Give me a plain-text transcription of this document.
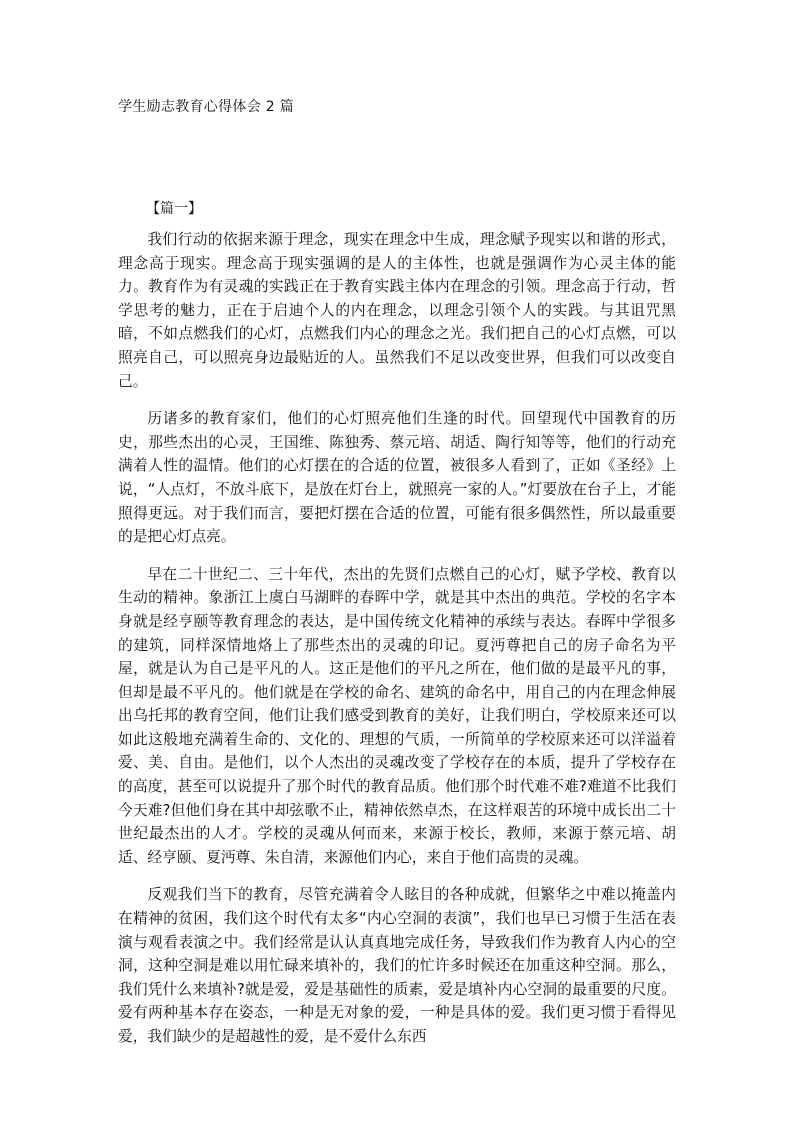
学生励志教育心得体会 2 篇
【篇一】

我们行动的依据来源于理念，现实在理念中生成，理念赋予现实以和谐的形式，理念高于现实。理念高于现实强调的是人的主体性，也就是强调作为心灵主体的能力。教育作为有灵魂的实践正在于教育实践主体内在理念的引领。理念高于行动，哲学思考的魅力，正在于启迪个人的内在理念，以理念引领个人的实践。与其诅咒黑暗，不如点燃我们的心灯，点燃我们内心的理念之光。我们把自己的心灯点燃，可以照亮自己，可以照亮身边最贴近的人。虽然我们不足以改变世界，但我们可以改变自己。

历诸多的教育家们，他们的心灯照亮他们生逢的时代。回望现代中国教育的历史，那些杰出的心灵，王国维、陈独秀、蔡元培、胡适、陶行知等等，他们的行动充满着人性的温情。他们的心灯摆在的合适的位置，被很多人看到了，正如《圣经》上说，“人点灯，不放斗底下，是放在灯台上，就照亮一家的人。”灯要放在台子上，才能照得更远。对于我们而言，要把灯摆在合适的位置，可能有很多偶然性，所以最重要的是把心灯点亮。

早在二十世纪二、三十年代，杰出的先贤们点燃自己的心灯，赋予学校、教育以生动的精神。象浙江上虞白马湖畔的春晖中学，就是其中杰出的典范。学校的名字本身就是经亨颐等教育理念的表达，是中国传统文化精神的承续与表达。春晖中学很多的建筑，同样深情地烙上了那些杰出的灵魂的印记。夏沔尊把自己的房子命名为平屋，就是认为自己是平凡的人。这正是他们的平凡之所在，他们做的是最平凡的事，但却是最不平凡的。他们就是在学校的命名、建筑的命名中，用自己的内在理念伸展出乌托邦的教育空间，他们让我们感受到教育的美好，让我们明白，学校原来还可以如此这般地充满着生命的、文化的、理想的气质，一所简单的学校原来还可以洋溢着爱、美、自由。是他们，以个人杰出的灵魂改变了学校存在的本质，提升了学校存在的高度，甚至可以说提升了那个时代的教育品质。他们那个时代难不难?难道不比我们今天难?但他们身在其中却弦歌不止，精神依然卓杰，在这样艰苦的环境中成长出二十世纪最杰出的人才。学校的灵魂从何而来，来源于校长，教师，来源于蔡元培、胡适、经亨颐、夏沔尊、朱自清，来源他们内心，来自于他们高贵的灵魂。

反观我们当下的教育，尽管充满着令人眩目的各种成就，但繁华之中难以掩盖内在精神的贫困，我们这个时代有太多“内心空洞的表演”，我们也早已习惯于生活在表演与观看表演之中。我们经常是认认真真地完成任务，导致我们作为教育人内心的空洞，这种空洞是难以用忙碌来填补的，我们的忙许多时候还在加重这种空洞。那么，我们凭什么来填补?就是爱，爱是基础性的质素，爱是填补内心空洞的最重要的尺度。爱有两种基本存在姿态，一种是无对象的爱，一种是具体的爱。我们更习惯于看得见爱，我们缺少的是超越性的爱，是不爱什么东西
